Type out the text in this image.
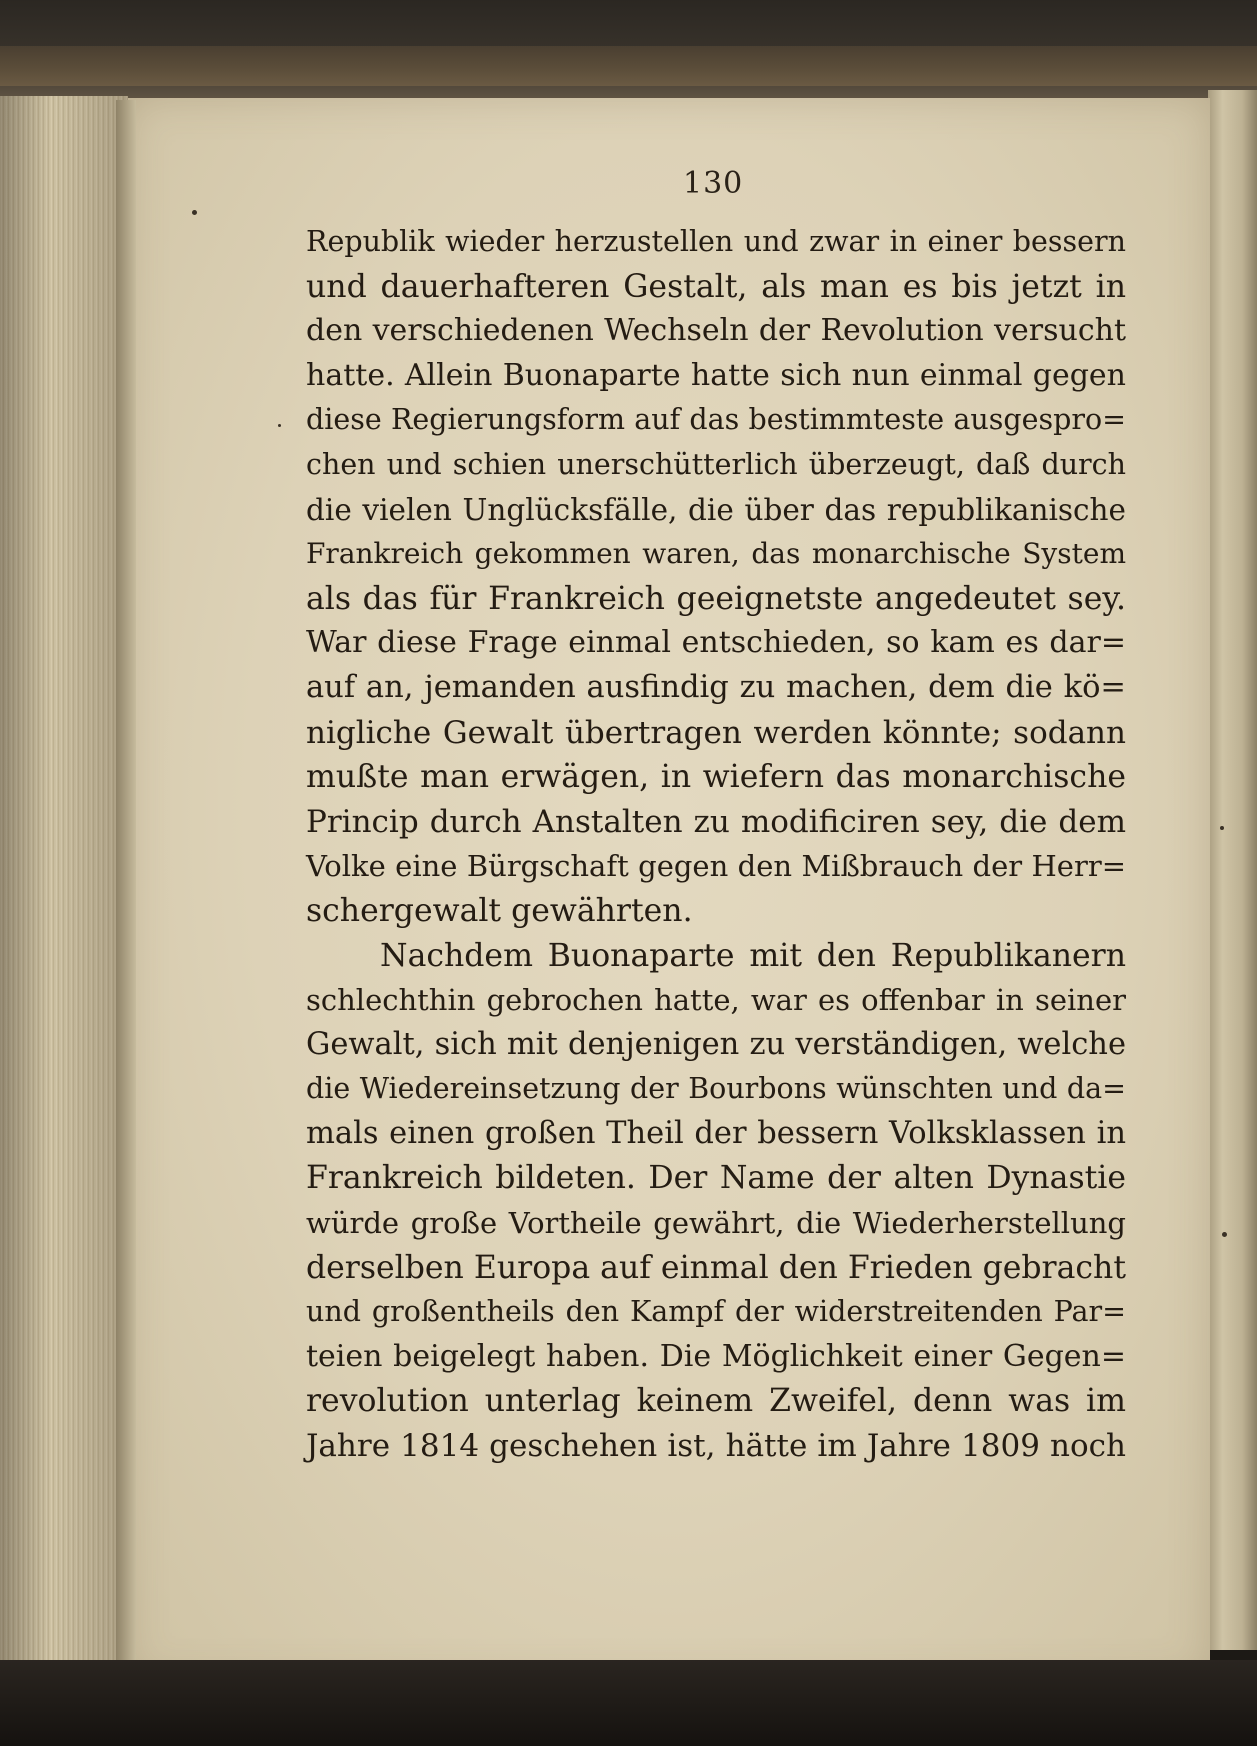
130
Republik wieder herzustellen und zwar in einer bessern
und dauerhafteren Gestalt, als man es bis jetzt in
den verschiedenen Wechseln der Revolution versucht
hatte. Allein Buonaparte hatte sich nun einmal gegen
diese Regierungsform auf das bestimmteste ausgespro=
chen und schien unerschütterlich überzeugt, daß durch
die vielen Unglücksfälle, die über das republikanische
Frankreich gekommen waren, das monarchische System
als das für Frankreich geeignetste angedeutet sey.
War diese Frage einmal entschieden, so kam es dar=
auf an, jemanden ausfindig zu machen, dem die kö=
nigliche Gewalt übertragen werden könnte; sodann
mußte man erwägen, in wiefern das monarchische
Princip durch Anstalten zu modificiren sey, die dem
Volke eine Bürgschaft gegen den Mißbrauch der Herr=
schergewalt gewährten.
Nachdem Buonaparte mit den Republikanern
schlechthin gebrochen hatte, war es offenbar in seiner
Gewalt, sich mit denjenigen zu verständigen, welche
die Wiedereinsetzung der Bourbons wünschten und da=
mals einen großen Theil der bessern Volksklassen in
Frankreich bildeten. Der Name der alten Dynastie
würde große Vortheile gewährt, die Wiederherstellung
derselben Europa auf einmal den Frieden gebracht
und großentheils den Kampf der widerstreitenden Par=
teien beigelegt haben. Die Möglichkeit einer Gegen=
revolution unterlag keinem Zweifel, denn was im
Jahre 1814 geschehen ist, hätte im Jahre 1809 noch
